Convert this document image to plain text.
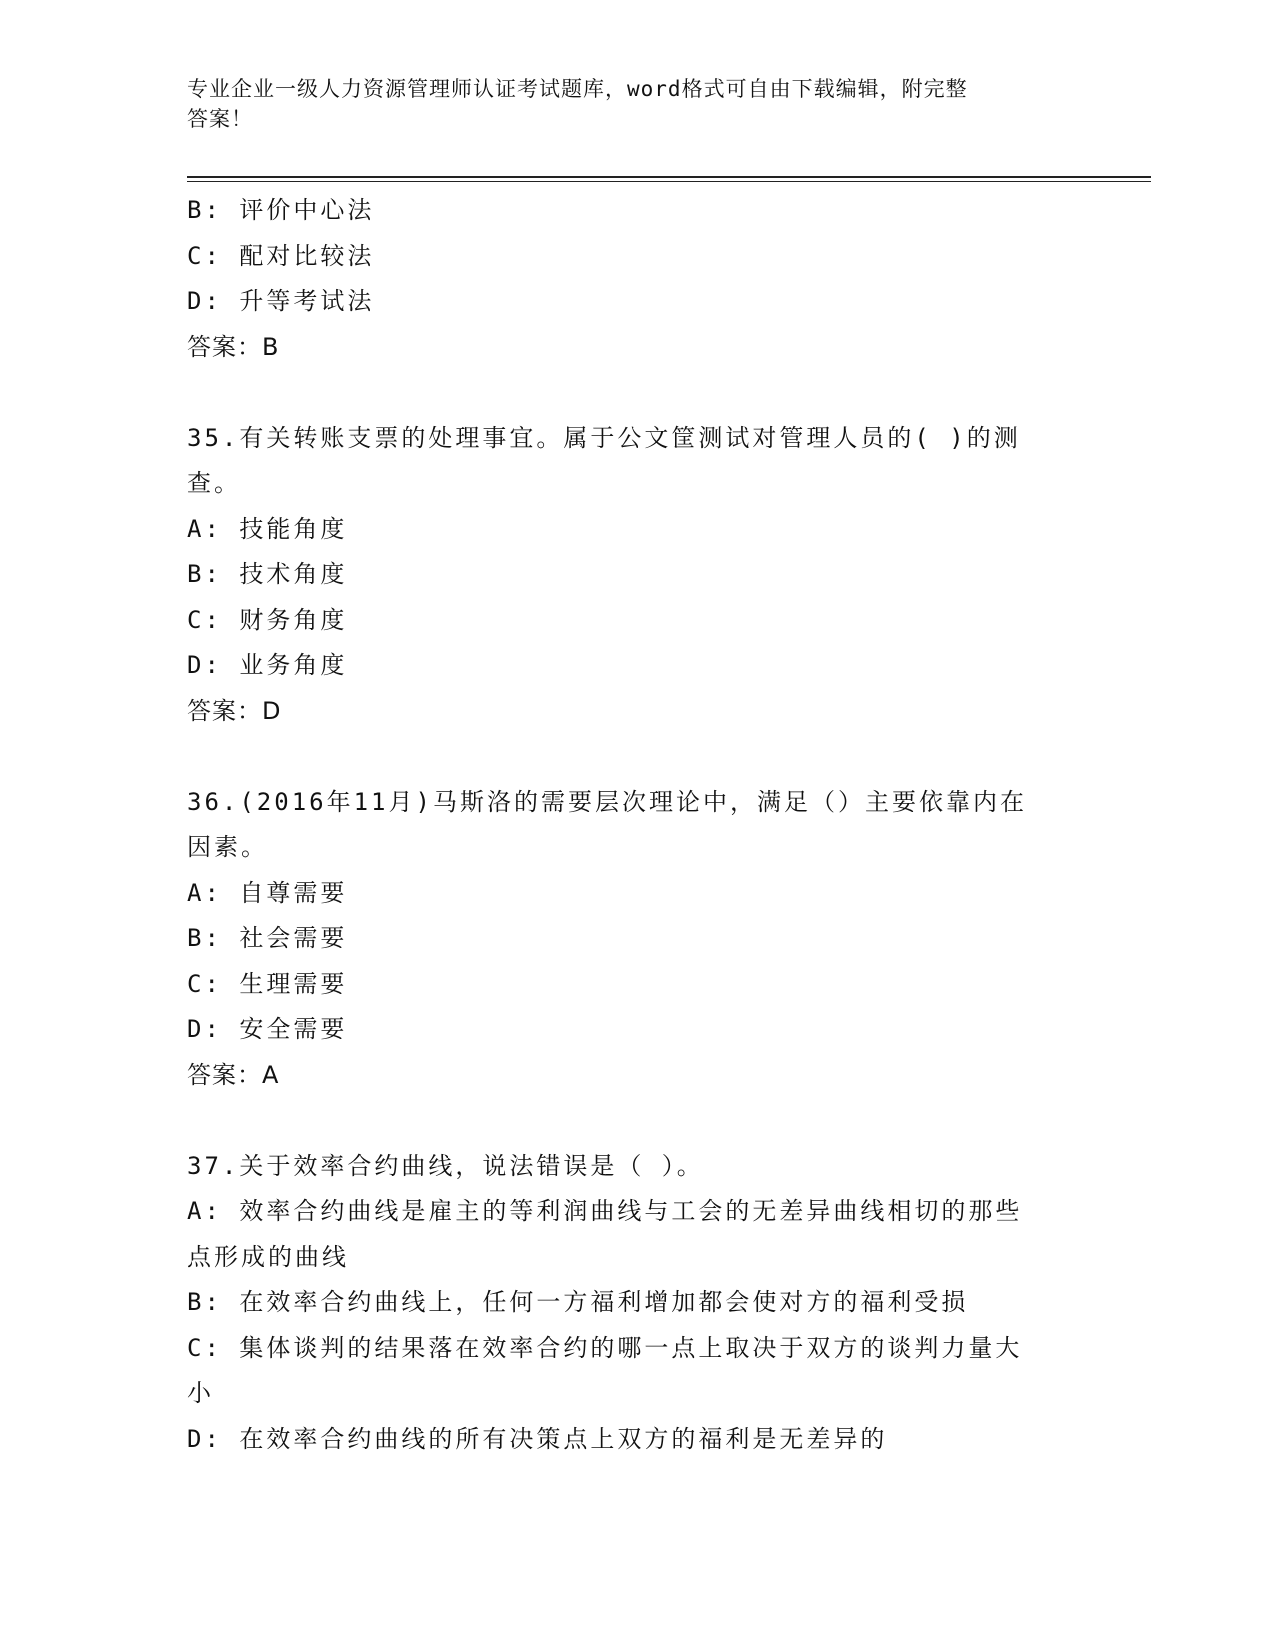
专业企业一级人力资源管理师认证考试题库，word格式可自由下载编辑，附完整
答案！
B: 评价中心法
C: 配对比较法
D: 升等考试法
答案：B
35.有关转账支票的处理事宜。属于公文筐测试对管理人员的( )的测
查。
A: 技能角度
B: 技术角度
C: 财务角度
D: 业务角度
答案：D
36.(2016年11月)马斯洛的需要层次理论中，满足（）主要依靠内在
因素。
A: 自尊需要
B: 社会需要
C: 生理需要
D: 安全需要
答案：A
37.关于效率合约曲线，说法错误是（ ）。
A: 效率合约曲线是雇主的等利润曲线与工会的无差异曲线相切的那些
点形成的曲线
B: 在效率合约曲线上，任何一方福利增加都会使对方的福利受损
C: 集体谈判的结果落在效率合约的哪一点上取决于双方的谈判力量大
小
D: 在效率合约曲线的所有决策点上双方的福利是无差异的
